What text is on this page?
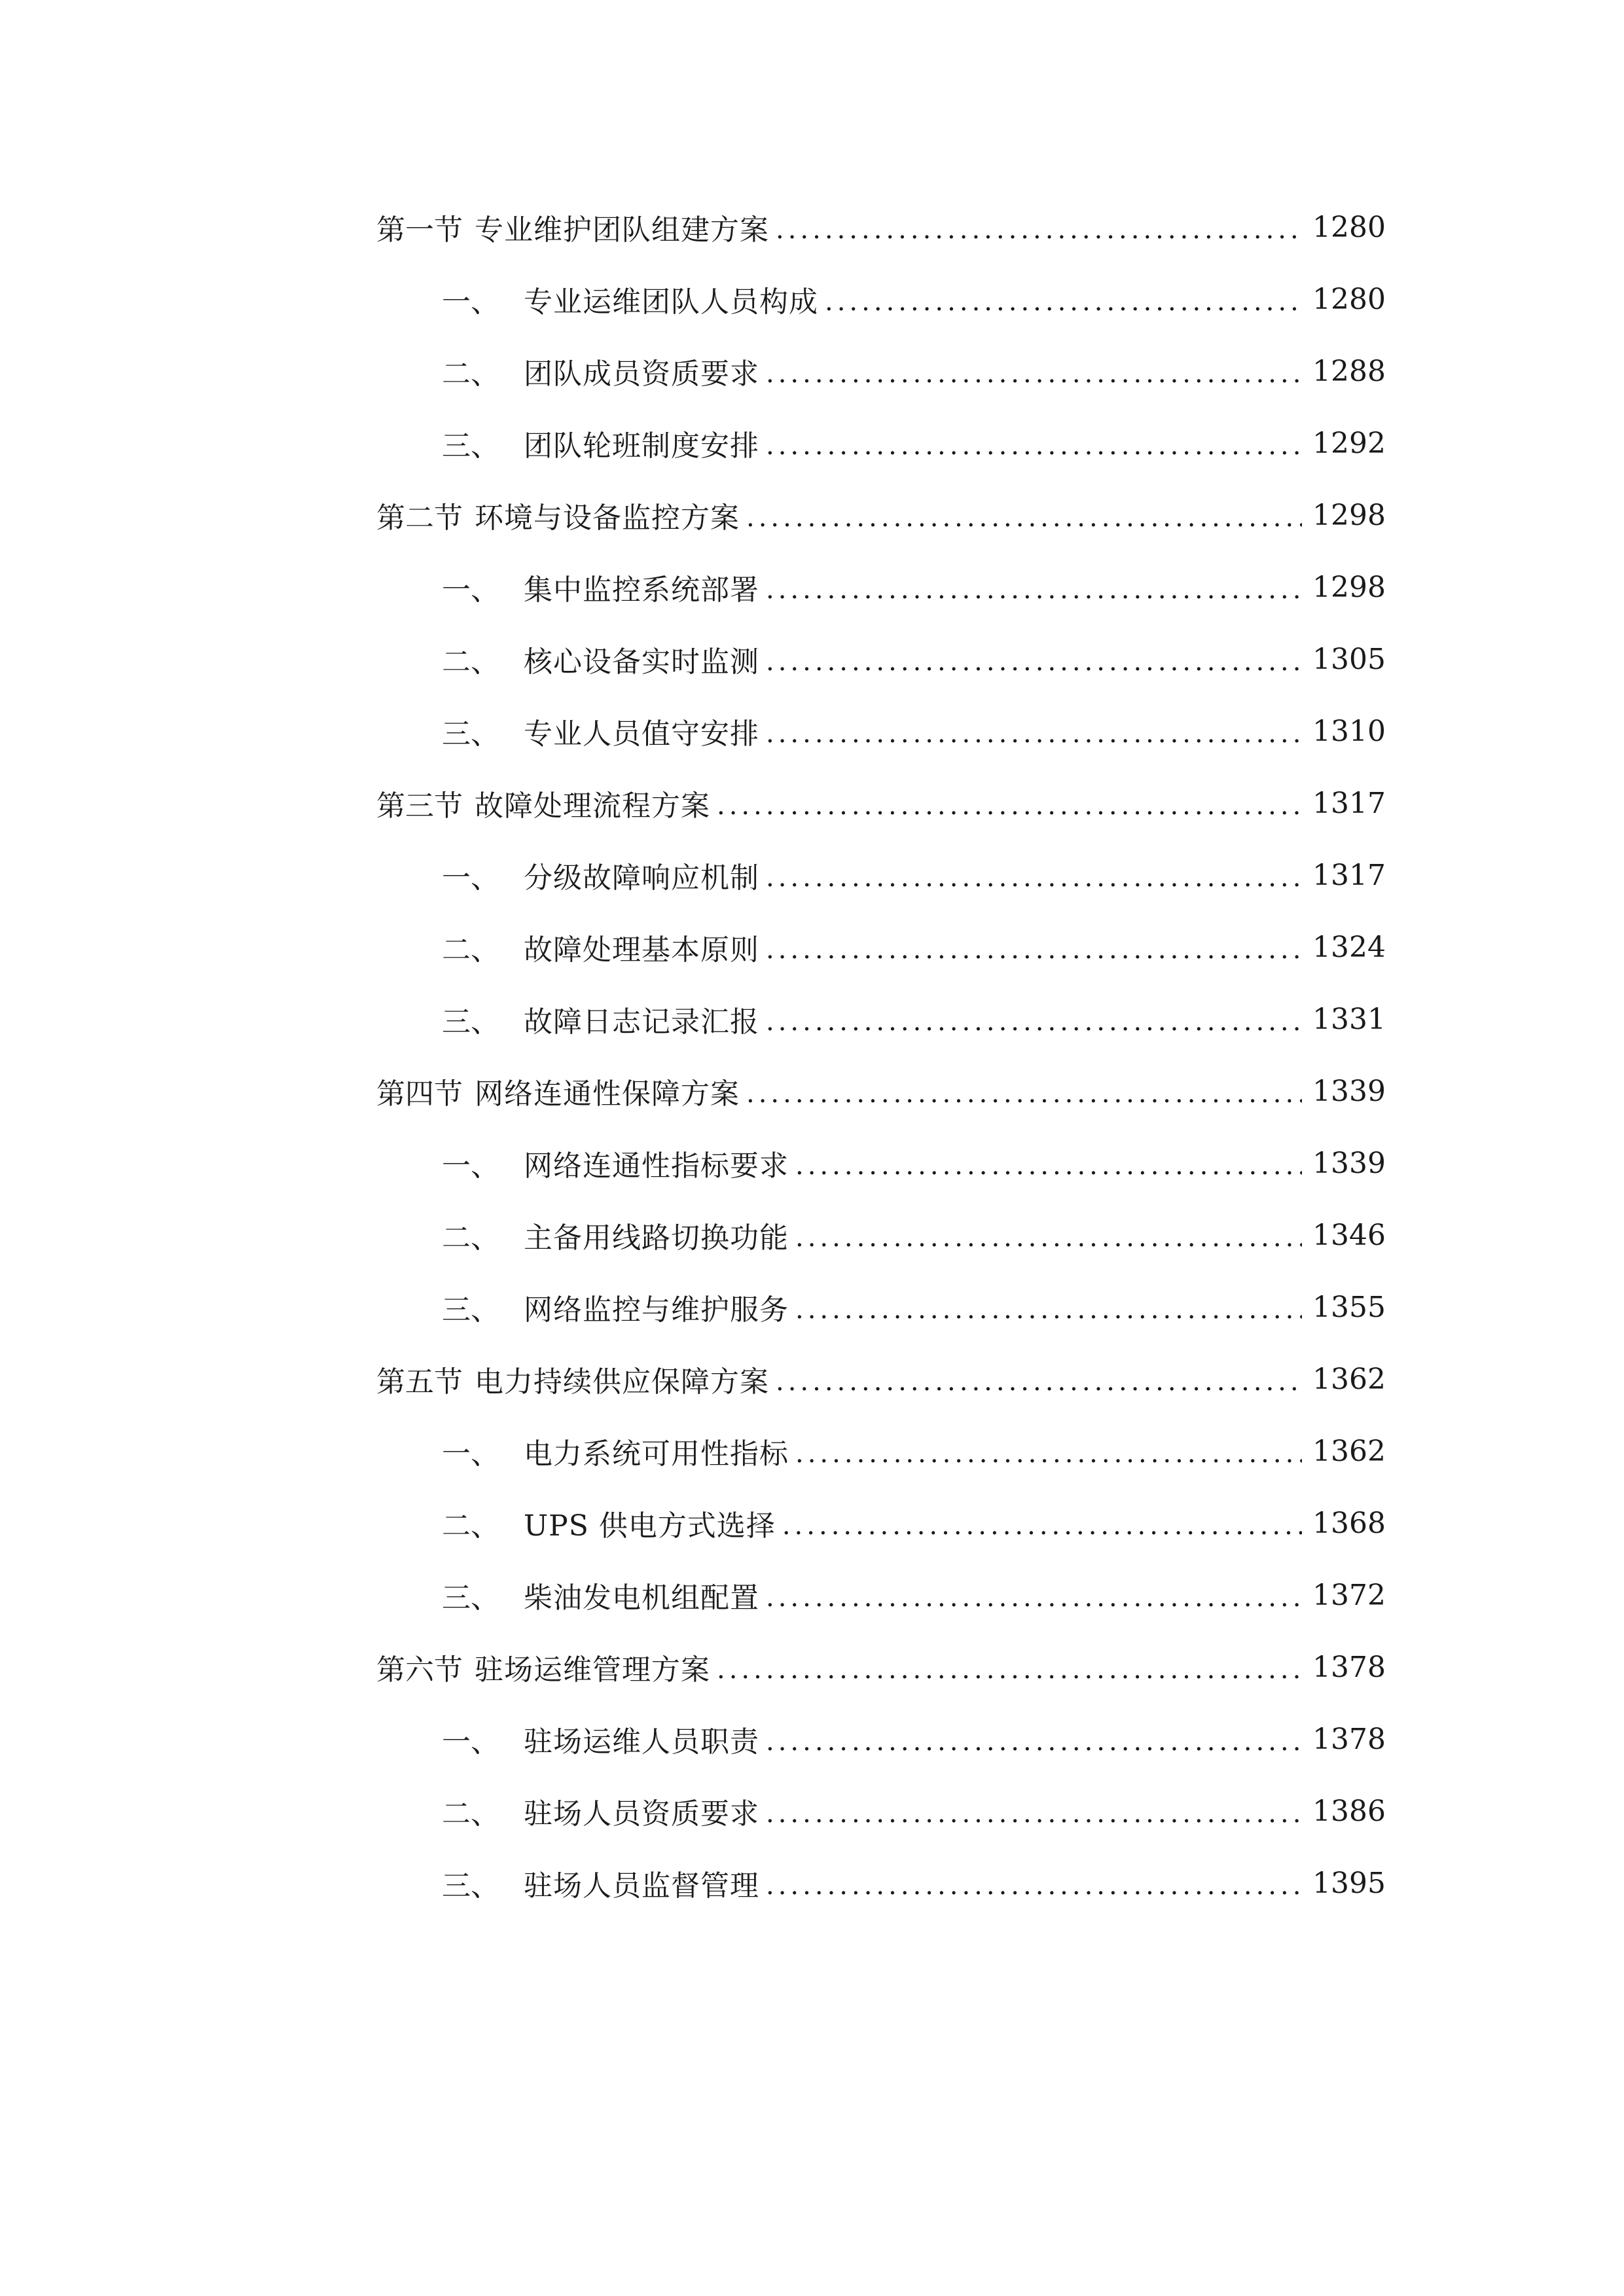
第一节 专业维护团队组建方案 .....	1280
一、 专业运维团队人员构成 .....	1280
二、 团队成员资质要求 .....	1288
三、 团队轮班制度安排 .....	1292
第二节 环境与设备监控方案 .....	1298
一、 集中监控系统部署 .....	1298
二、 核心设备实时监测 .....	1305
三、 专业人员值守安排 .....	1310
第三节 故障处理流程方案 .....	1317
一、 分级故障响应机制 .....	1317
二、 故障处理基本原则 .....	1324
三、 故障日志记录汇报 .....	1331
第四节 网络连通性保障方案 .....	1339
一、 网络连通性指标要求 .....	1339
二、 主备用线路切换功能 .....	1346
三、 网络监控与维护服务 .....	1355
第五节 电力持续供应保障方案 .....	1362
一、 电力系统可用性指标 .....	1362
二、 UPS 供电方式选择 .....	1368
三、 柴油发电机组配置 .....	1372
第六节 驻场运维管理方案 .....	1378
一、 驻场运维人员职责 .....	1378
二、 驻场人员资质要求 .....	1386
三、 驻场人员监督管理 .....	1395
